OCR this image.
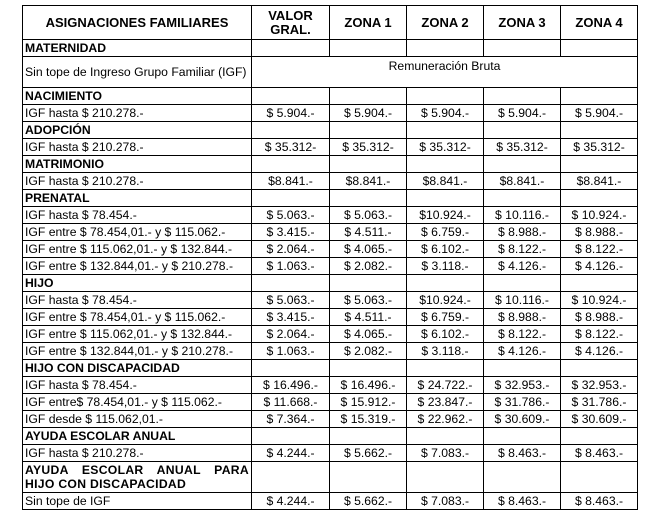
ASIGNACIONES FAMILIARES	VALOR GRAL.	ZONA 1	ZONA 2	ZONA 3	ZONA 4
MATERNIDAD					
Sin tope de Ingreso Grupo Familiar (IGF)	Remuneración Bruta				
NACIMIENTO					
IGF hasta $ 210.278.-	$ 5.904.-	$ 5.904.-	$ 5.904.-	$ 5.904.-	$ 5.904.-
ADOPCIÓN					
IGF hasta $ 210.278.-	$ 35.312-	$ 35.312-	$ 35.312-	$ 35.312-	$ 35.312-
MATRIMONIO					
IGF hasta $ 210.278.-	$8.841.-	$8.841.-	$8.841.-	$8.841.-	$8.841.-
PRENATAL					
IGF hasta $ 78.454.-	$ 5.063.-	$ 5.063.-	$10.924.-	$ 10.116.-	$ 10.924.-
IGF entre $ 78.454,01.- y $ 115.062.-	$ 3.415.-	$ 4.511.-	$ 6.759.-	$ 8.988.-	$ 8.988.-
IGF entre $ 115.062,01.- y $ 132.844.-	$ 2.064.-	$ 4.065.-	$ 6.102.-	$ 8.122.-	$ 8.122.-
IGF entre $ 132.844,01.- y $ 210.278.-	$ 1.063.-	$ 2.082.-	$ 3.118.-	$ 4.126.-	$ 4.126.-
HIJO					
IGF hasta $ 78.454.-	$ 5.063.-	$ 5.063.-	$10.924.-	$ 10.116.-	$ 10.924.-
IGF entre $ 78.454,01.- y $ 115.062.-	$ 3.415.-	$ 4.511.-	$ 6.759.-	$ 8.988.-	$ 8.988.-
IGF entre $ 115.062,01.- y $ 132.844.-	$ 2.064.-	$ 4.065.-	$ 6.102.-	$ 8.122.-	$ 8.122.-
IGF entre $ 132.844,01.- y $ 210.278.-	$ 1.063.-	$ 2.082.-	$ 3.118.-	$ 4.126.-	$ 4.126.-
HIJO CON DISCAPACIDAD					
IGF hasta $ 78.454.-	$ 16.496.-	$ 16.496.-	$ 24.722.-	$ 32.953.-	$ 32.953.-
IGF entre$ 78.454,01.- y $ 115.062.-	$ 11.668.-	$ 15.912.-	$ 23.847.-	$ 31.786.-	$ 31.786.-
IGF desde $ 115.062,01.-	$ 7.364.-	$ 15.319.-	$ 22.962.-	$ 30.609.-	$ 30.609.-
AYUDA ESCOLAR ANUAL					
IGF hasta $ 210.278.-	$ 4.244.-	$ 5.662.-	$ 7.083.-	$ 8.463.-	$ 8.463.-
AYUDA ESCOLAR ANUAL PARA HIJO CON DISCAPACIDAD					
Sin tope de IGF	$ 4.244.-	$ 5.662.-	$ 7.083.-	$ 8.463.-	$ 8.463.-
